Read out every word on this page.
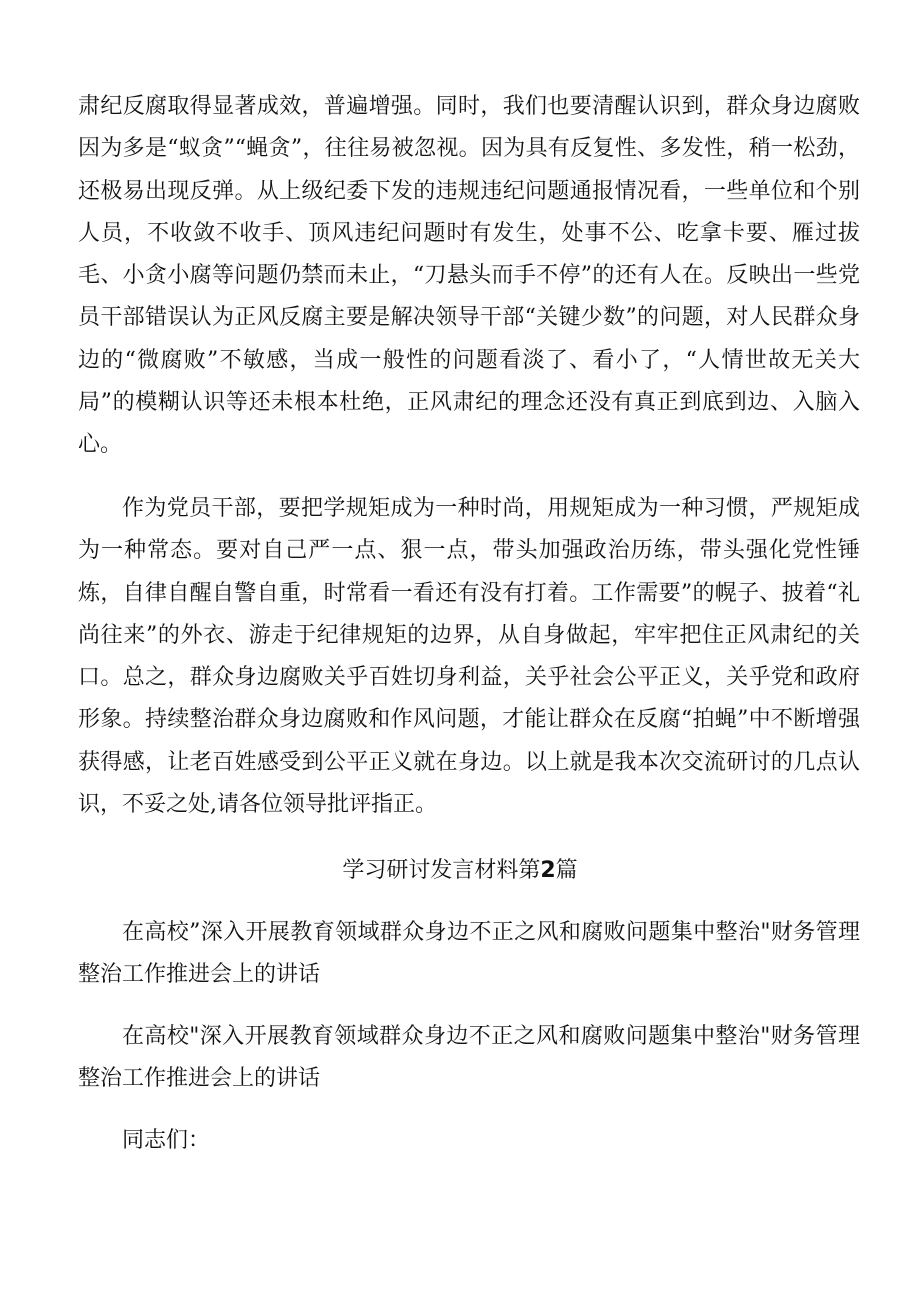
肃纪反腐取得显著成效，普遍增强。同时，我们也要清醒认识到，群众身边腐败因为多是“蚁贪”“蝇贪”，往往易被忽视。因为具有反复性、多发性，稍一松劲，还极易出现反弹。从上级纪委下发的违规违纪问题通报情况看，一些单位和个别人员，不收敛不收手、顶风违纪问题时有发生，处事不公、吃拿卡要、雁过拔毛、小贪小腐等问题仍禁而未止，“刀悬头而手不停”的还有人在。反映出一些党员干部错误认为正风反腐主要是解决领导干部“关键少数”的问题，对人民群众身边的“微腐败”不敏感，当成一般性的问题看淡了、看小了，“人情世故无关大局”的模糊认识等还未根本杜绝，正风肃纪的理念还没有真正到底到边、入脑入心。

作为党员干部，要把学规矩成为一种时尚，用规矩成为一种习惯，严规矩成为一种常态。要对自己严一点、狠一点，带头加强政治历练，带头强化党性锤炼，自律自醒自警自重，时常看一看还有没有打着。工作需要”的幌子、披着“礼尚往来”的外衣、游走于纪律规矩的边界，从自身做起，牢牢把住正风肃纪的关口。总之，群众身边腐败关乎百姓切身利益，关乎社会公平正义，关乎党和政府形象。持续整治群众身边腐败和作风问题，才能让群众在反腐“拍蝇”中不断增强获得感，让老百姓感受到公平正义就在身边。以上就是我本次交流研讨的几点认识，不妥之处,请各位领导批评指正。

学习研讨发言材料第2篇

在高校”深入开展教育领域群众身边不正之风和腐败问题集中整治"财务管理整治工作推进会上的讲话

在高校"深入开展教育领域群众身边不正之风和腐败问题集中整治"财务管理整治工作推进会上的讲话

同志们：
